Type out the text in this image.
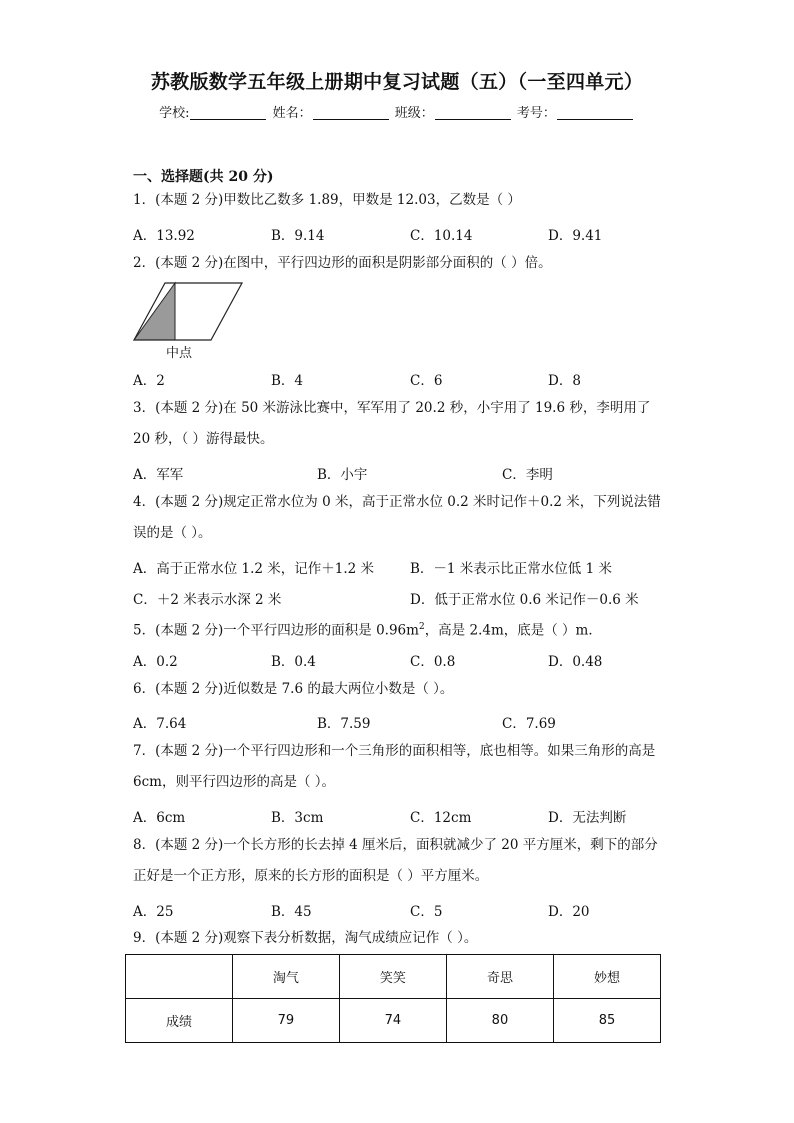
苏教版数学五年级上册期中复习试题（五）（一至四单元）
学校:	姓名：	班级：	考号：
一、选择题(共 20 分)
1．(本题 2 分)甲数比乙数多 1.89，甲数是 12.03，乙数是（ ）
A．13.92	B．9.14	C．10.14	D．9.41
2．(本题 2 分)在图中，平行四边形的面积是阴影部分面积的（ ）倍。
中点
A．2	B．4	C．6	D．8
3．(本题 2 分)在 50 米游泳比赛中，军军用了 20.2 秒，小宇用了 19.6 秒，李明用了 20 秒，（ ）游得最快。
A．军军	B．小宇	C．李明
4．(本题 2 分)规定正常水位为 0 米，高于正常水位 0.2 米时记作＋0.2 米，下列说法错误的是（ ）。
A．高于正常水位 1.2 米，记作＋1.2 米	B．－1 米表示比正常水位低 1 米
C．＋2 米表示水深 2 米	D．低于正常水位 0.6 米记作－0.6 米
5．(本题 2 分)一个平行四边形的面积是 $0.96m^2$，高是 2.4m，底是（ ）m．
A．0.2	B．0.4	C．0.8	D．0.48
6．(本题 2 分)近似数是 7.6 的最大两位小数是（ ）。
A．7.64	B．7.59	C．7.69
7．(本题 2 分)一个平行四边形和一个三角形的面积相等，底也相等。如果三角形的高是 6cm，则平行四边形的高是（ ）。
A．6cm	B．3cm	C．12cm	D．无法判断
8．(本题 2 分)一个长方形的长去掉 4 厘米后，面积就减少了 20 平方厘米，剩下的部分正好是一个正方形，原来的长方形的面积是（ ）平方厘米。
A．25	B．45	C．5	D．20
9．(本题 2 分)观察下表分析数据，淘气成绩应记作（ ）。
	淘气	笑笑	奇思	妙想
成绩	79	74	80	85
